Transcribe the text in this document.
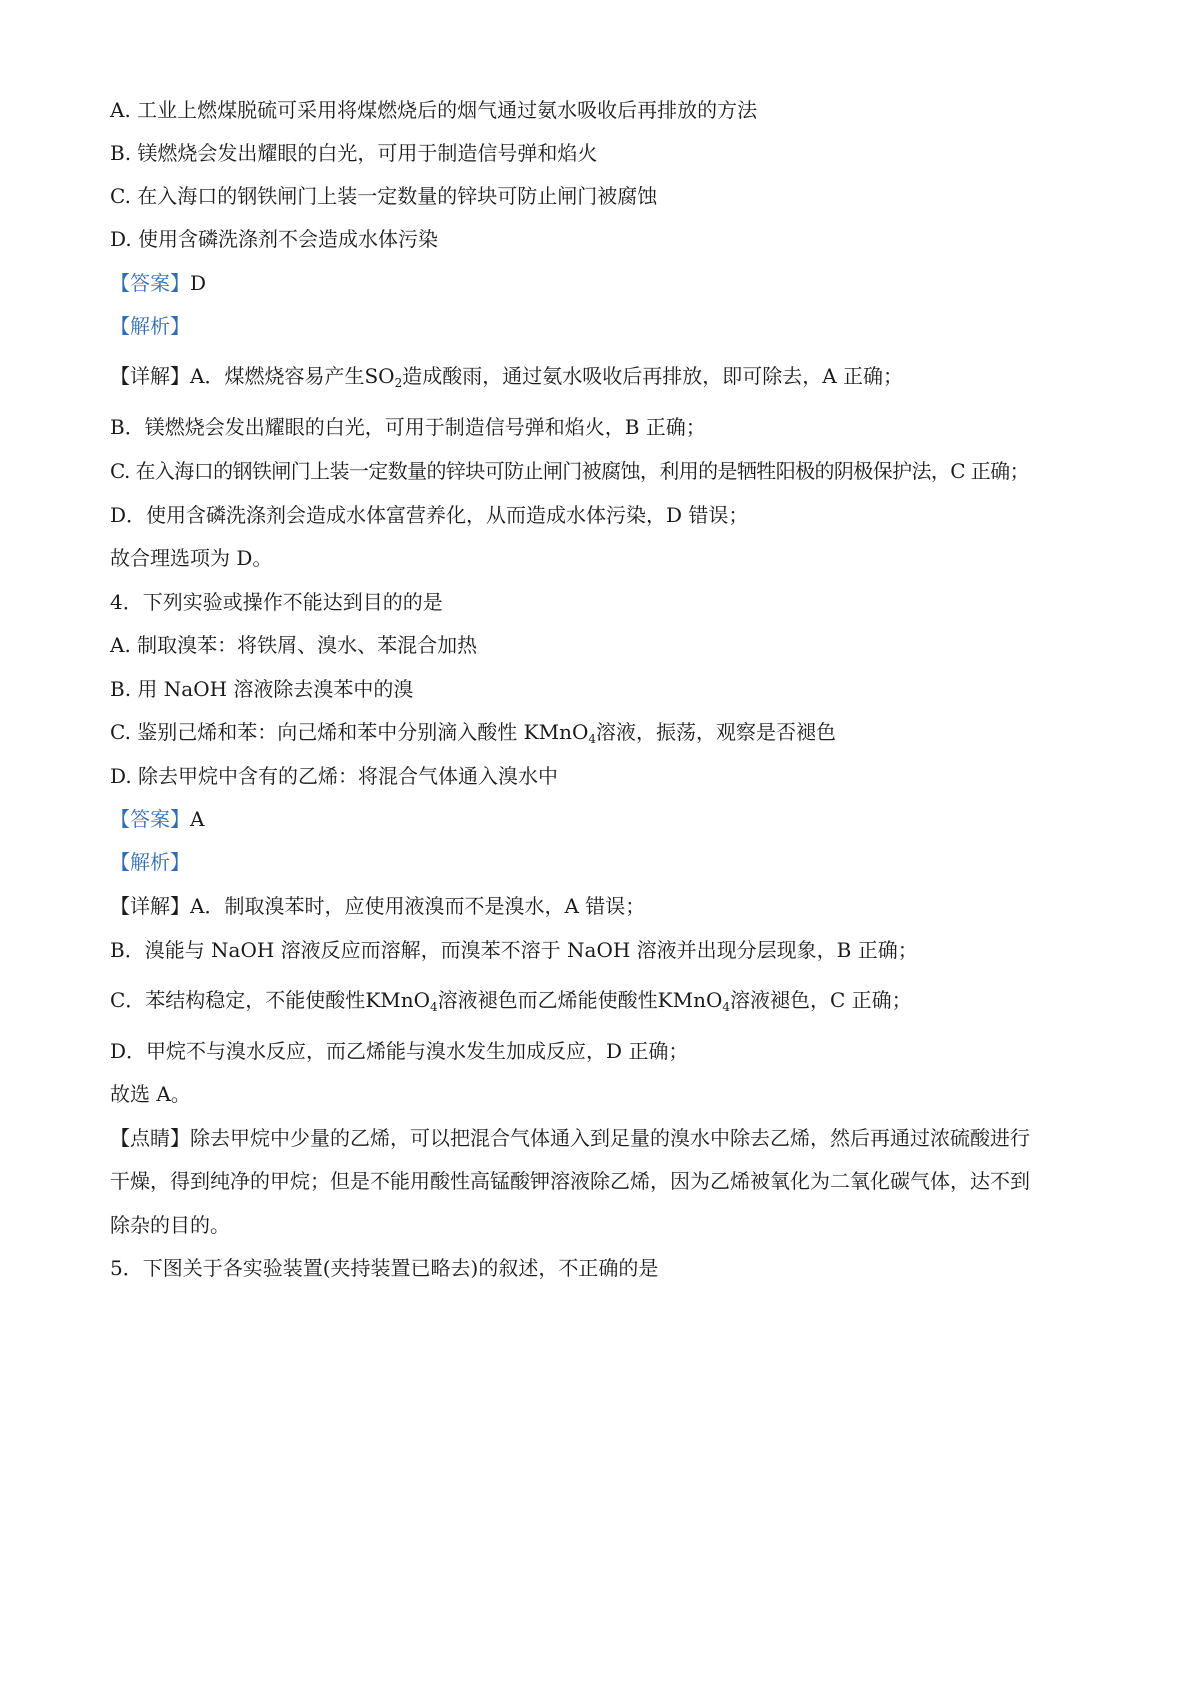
A. 工业上燃煤脱硫可采用将煤燃烧后的烟气通过氨水吸收后再排放的方法
B. 镁燃烧会发出耀眼的白光，可用于制造信号弹和焰火
C. 在入海口的钢铁闸门上装一定数量的锌块可防止闸门被腐蚀
D. 使用含磷洗涤剂不会造成水体污染
【答案】D
【解析】
【详解】A．煤燃烧容易产生$SO_2$造成酸雨，通过氨水吸收后再排放，即可除去，A 正确；
B．镁燃烧会发出耀眼的白光，可用于制造信号弹和焰火，B 正确；
C. 在入海口的钢铁闸门上装一定数量的锌块可防止闸门被腐蚀，利用的是牺牲阳极的阴极保护法，C 正确；
D．使用含磷洗涤剂会造成水体富营养化，从而造成水体污染，D 错误；
故合理选项为 D。
4．下列实验或操作不能达到目的的是
A. 制取溴苯：将铁屑、溴水、苯混合加热
B. 用 NaOH 溶液除去溴苯中的溴
C. 鉴别己烯和苯：向己烯和苯中分别滴入酸性 KMnO$_4$溶液，振荡，观察是否褪色
D. 除去甲烷中含有的乙烯：将混合气体通入溴水中
【答案】A
【解析】
【详解】A．制取溴苯时，应使用液溴而不是溴水，A 错误；
B．溴能与 NaOH 溶液反应而溶解，而溴苯不溶于 NaOH 溶液并出现分层现象，B 正确；
C．苯结构稳定，不能使酸性KMnO$_4$溶液褪色而乙烯能使酸性KMnO$_4$溶液褪色，C 正确；
D．甲烷不与溴水反应，而乙烯能与溴水发生加成反应，D 正确；
故选 A。
【点睛】除去甲烷中少量的乙烯，可以把混合气体通入到足量的溴水中除去乙烯，然后再通过浓硫酸进行
干燥，得到纯净的甲烷；但是不能用酸性高锰酸钾溶液除乙烯，因为乙烯被氧化为二氧化碳气体，达不到
除杂的目的。
5．下图关于各实验装置(夹持装置已略去)的叙述，不正确的是
